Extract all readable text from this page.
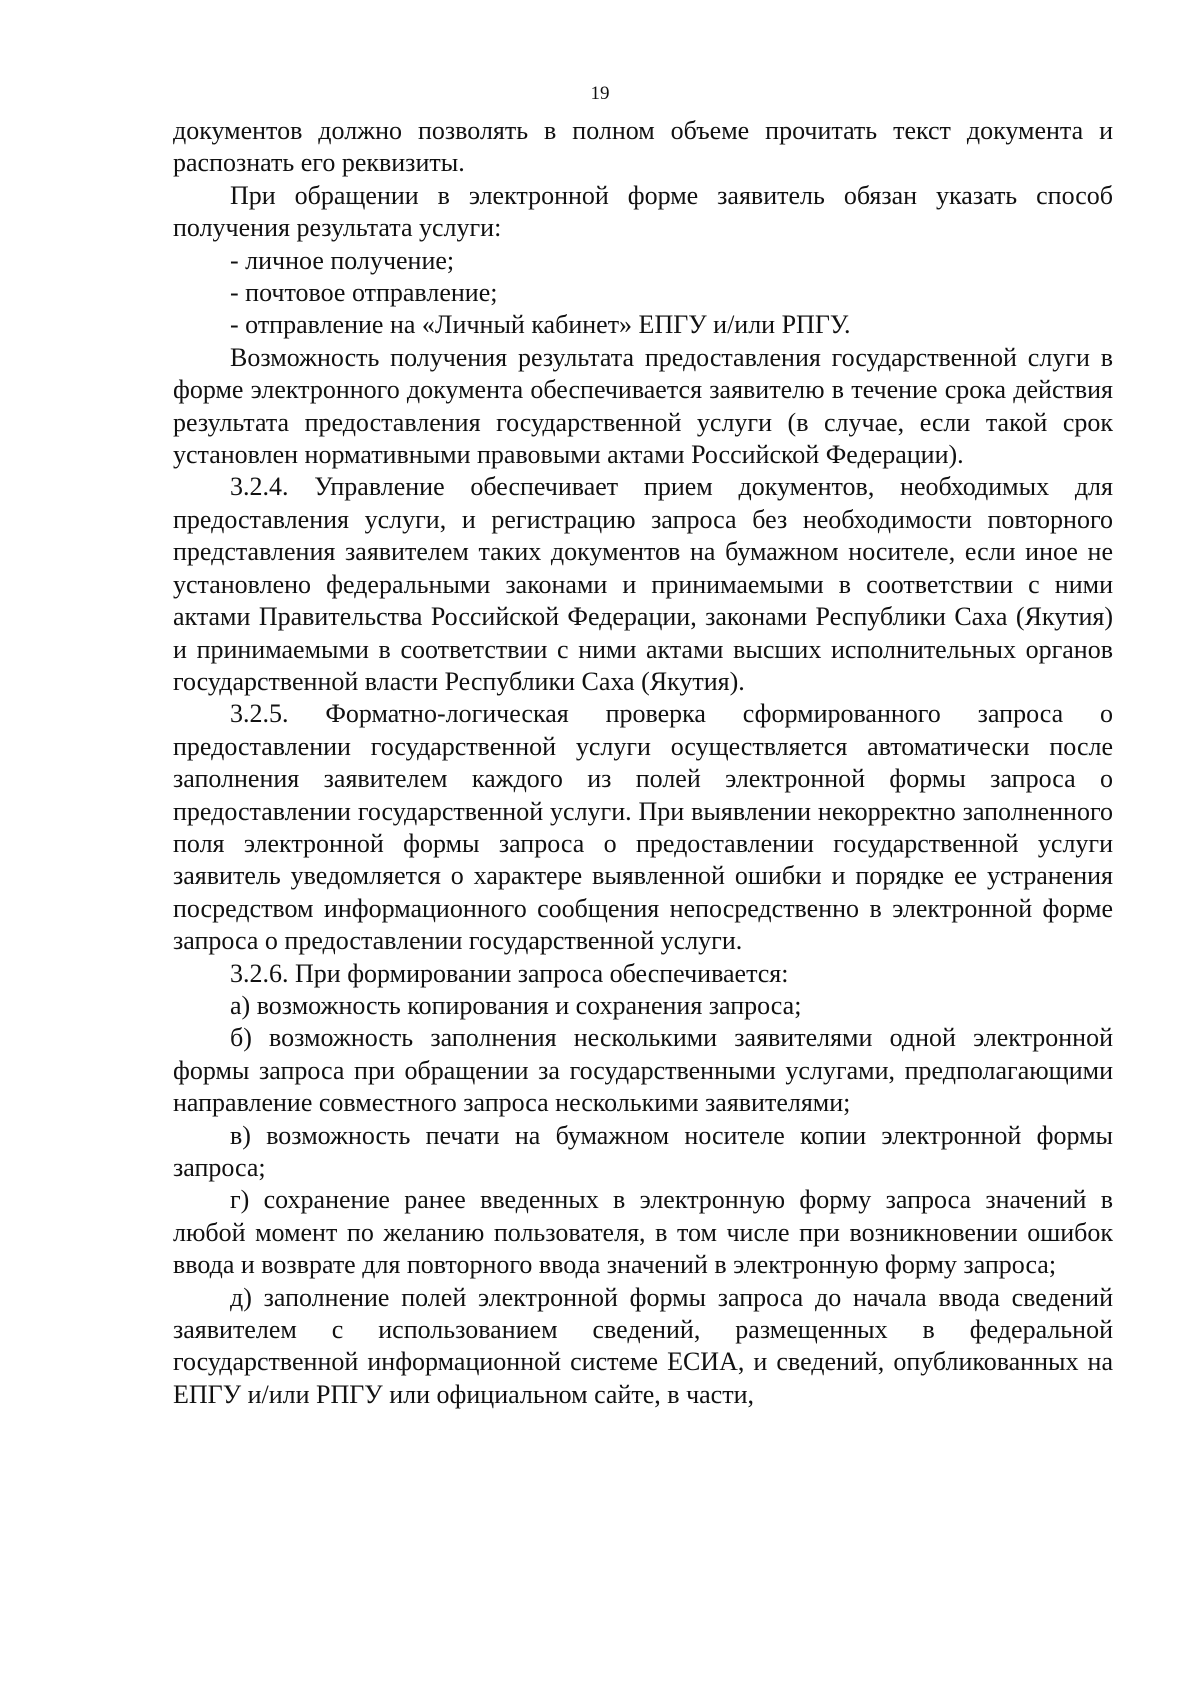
19

документов должно позволять в полном объеме прочитать текст документа и распознать его реквизиты.

При обращении в электронной форме заявитель обязан указать способ получения результата услуги:

- личное получение;

- почтовое отправление;

- отправление на «Личный кабинет» ЕПГУ и/или РПГУ.

Возможность получения результата предоставления государственной слуги в форме электронного документа обеспечивается заявителю в течение срока действия результата предоставления государственной услуги (в случае, если такой срок установлен нормативными правовыми актами Российской Федерации).

3.2.4. Управление обеспечивает прием документов, необходимых для предоставления услуги, и регистрацию запроса без необходимости повторного представления заявителем таких документов на бумажном носителе, если иное не установлено федеральными законами и принимаемыми в соответствии с ними актами Правительства Российской Федерации, законами Республики Саха (Якутия) и принимаемыми в соответствии с ними актами высших исполнительных органов государственной власти Республики Саха (Якутия).

3.2.5. Форматно-логическая проверка сформированного запроса о предоставлении государственной услуги осуществляется автоматически после заполнения заявителем каждого из полей электронной формы запроса о предоставлении государственной услуги. При выявлении некорректно заполненного поля электронной формы запроса о предоставлении государственной услуги заявитель уведомляется о характере выявленной ошибки и порядке ее устранения посредством информационного сообщения непосредственно в электронной форме запроса о предоставлении государственной услуги.

3.2.6. При формировании запроса обеспечивается:

а) возможность копирования и сохранения запроса;

б) возможность заполнения несколькими заявителями одной электронной формы запроса при обращении за государственными услугами, предполагающими направление совместного запроса несколькими заявителями;

в) возможность печати на бумажном носителе копии электронной формы запроса;

г) сохранение ранее введенных в электронную форму запроса значений в любой момент по желанию пользователя, в том числе при возникновении ошибок ввода и возврате для повторного ввода значений в электронную форму запроса;

д) заполнение полей электронной формы запроса до начала ввода сведений заявителем с использованием сведений, размещенных в федеральной государственной информационной системе ЕСИА, и сведений, опубликованных на ЕПГУ и/или РПГУ или официальном сайте, в части,
